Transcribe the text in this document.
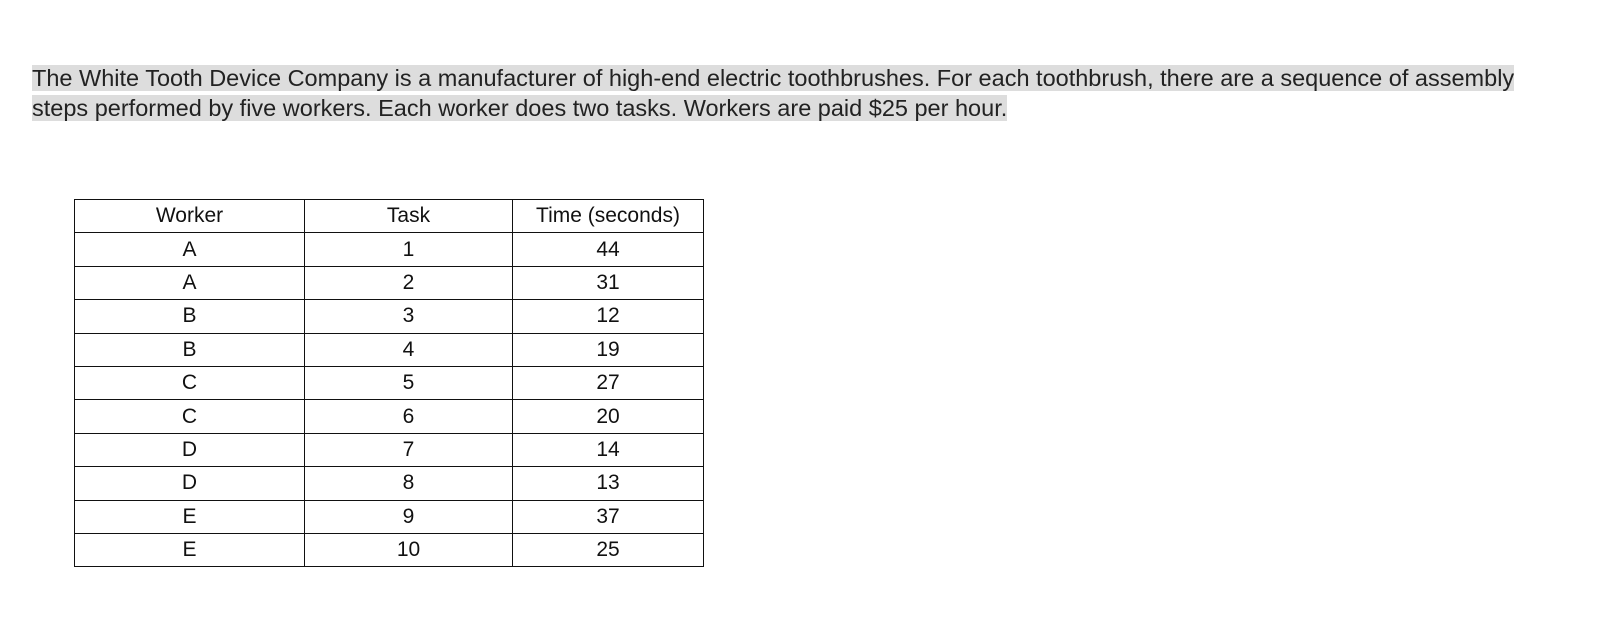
The White Tooth Device Company is a manufacturer of high-end electric toothbrushes. For each toothbrush, there are a sequence of assembly steps performed by five workers. Each worker does two tasks. Workers are paid $25 per hour.

Worker	Task	Time (seconds)
A	1	44
A	2	31
B	3	12
B	4	19
C	5	27
C	6	20
D	7	14
D	8	13
E	9	37
E	10	25
